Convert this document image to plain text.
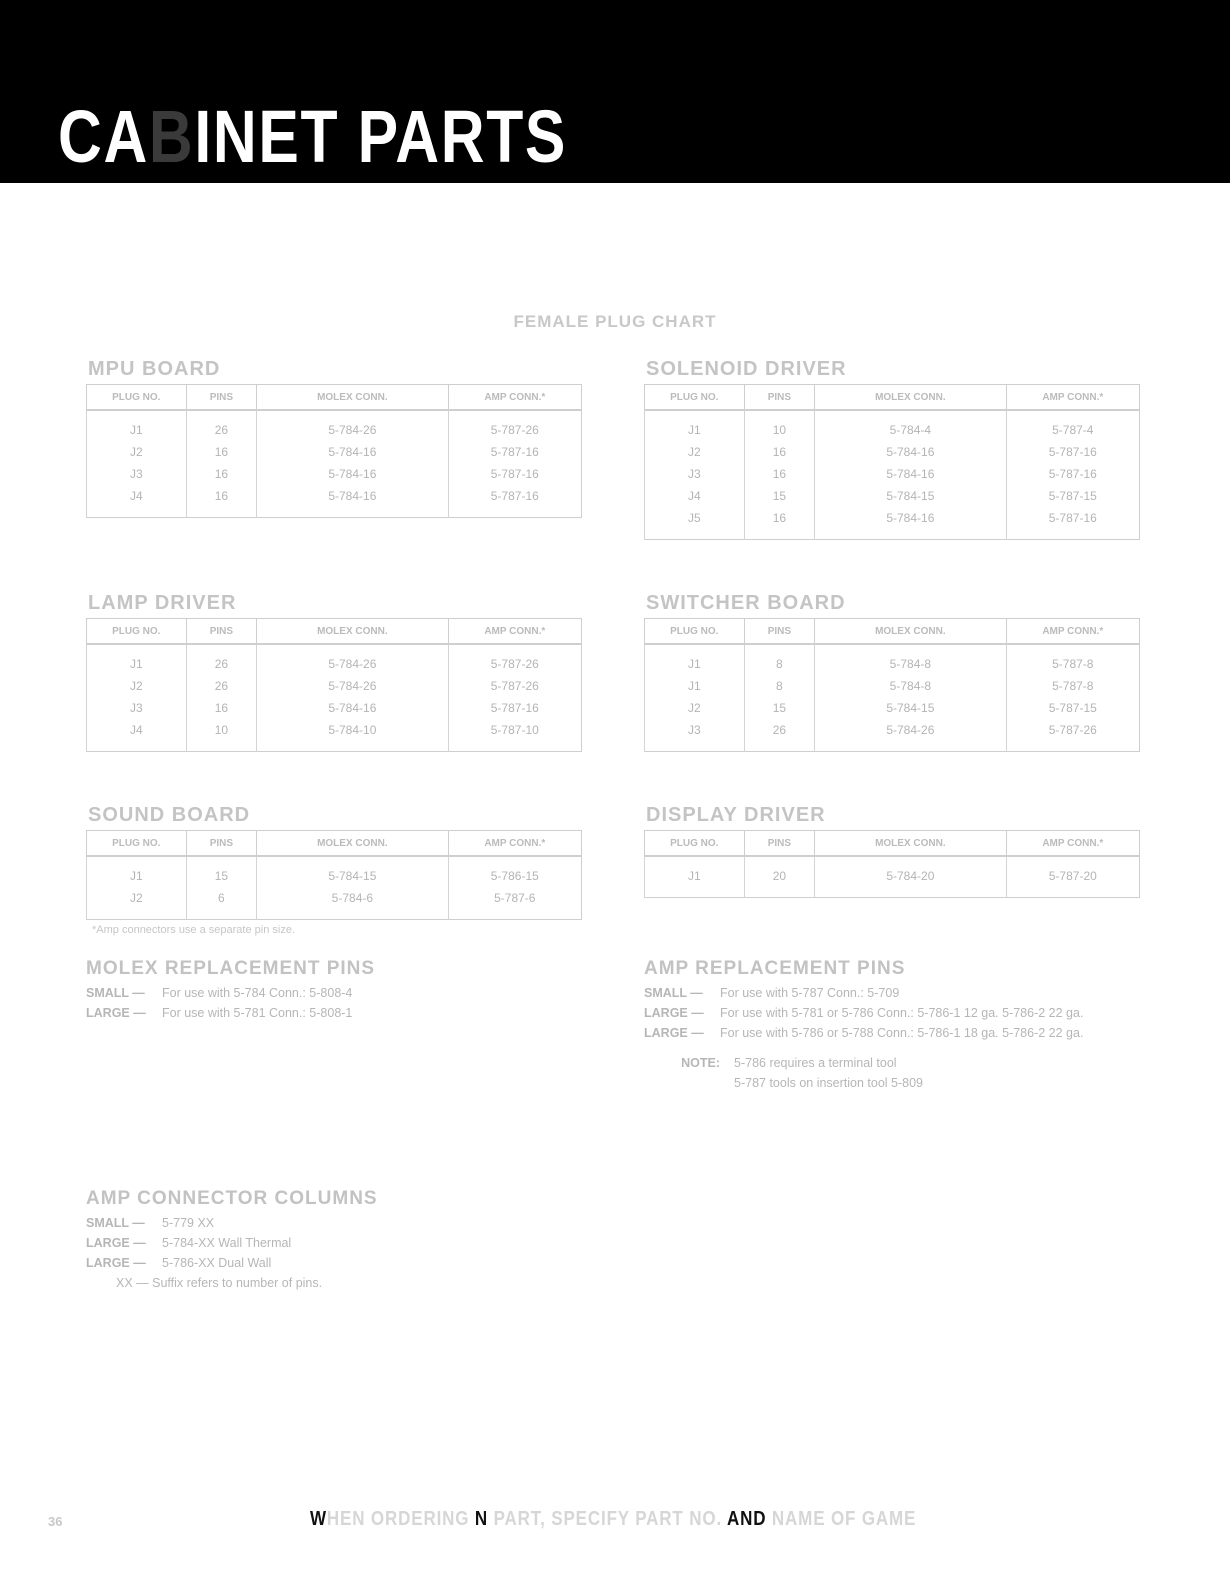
CABINET PARTS
FEMALE PLUG CHART
MPU BOARD
PLUG NO.	PINS	MOLEX CONN.	AMP CONN.*
J1	26	5-784-26	5-787-26
J2	16	5-784-16	5-787-16
J3	16	5-784-16	5-787-16
J4	16	5-784-16	5-787-16
SOLENOID DRIVER
PLUG NO.	PINS	MOLEX CONN.	AMP CONN.*
J1	10	5-784-4	5-787-4
J2	16	5-784-16	5-787-16
J3	16	5-784-16	5-787-16
J4	15	5-784-15	5-787-15
J5	16	5-784-16	5-787-16
LAMP DRIVER
PLUG NO.	PINS	MOLEX CONN.	AMP CONN.*
J1	26	5-784-26	5-787-26
J2	26	5-784-26	5-787-26
J3	16	5-784-16	5-787-16
J4	10	5-784-10	5-787-10
SWITCHER BOARD
PLUG NO.	PINS	MOLEX CONN.	AMP CONN.*
J1	8	5-784-8	5-787-8
J1	8	5-784-8	5-787-8
J2	15	5-784-15	5-787-15
J3	26	5-784-26	5-787-26
SOUND BOARD
PLUG NO.	PINS	MOLEX CONN.	AMP CONN.*
J1	15	5-784-15	5-786-15
J2	6	5-784-6	5-787-6
*Amp connectors use a separate pin size.
DISPLAY DRIVER
PLUG NO.	PINS	MOLEX CONN.	AMP CONN.*
J1	20	5-784-20	5-787-20
MOLEX REPLACEMENT PINS
SMALL —	For use with 5-784 Conn.: 5-808-4
LARGE —	For use with 5-781 Conn.: 5-808-1
AMP REPLACEMENT PINS
SMALL —	For use with 5-787 Conn.: 5-709
LARGE —	For use with 5-781 or 5-786 Conn.: 5-786-1 12 ga. 5-786-2 22 ga.
LARGE —	For use with 5-786 or 5-788 Conn.: 5-786-1 18 ga. 5-786-2 22 ga.
NOTE:	5-786 requires a terminal tool
5-787 tools on insertion tool 5-809
AMP CONNECTOR COLUMNS
SMALL —	5-779 XX
LARGE —	5-784-XX Wall Thermal
LARGE —	5-786-XX Dual Wall
XX — Suffix refers to number of pins.
36	WHEN ORDERING N PART, SPECIFY PART NO. AND NAME OF GAME
